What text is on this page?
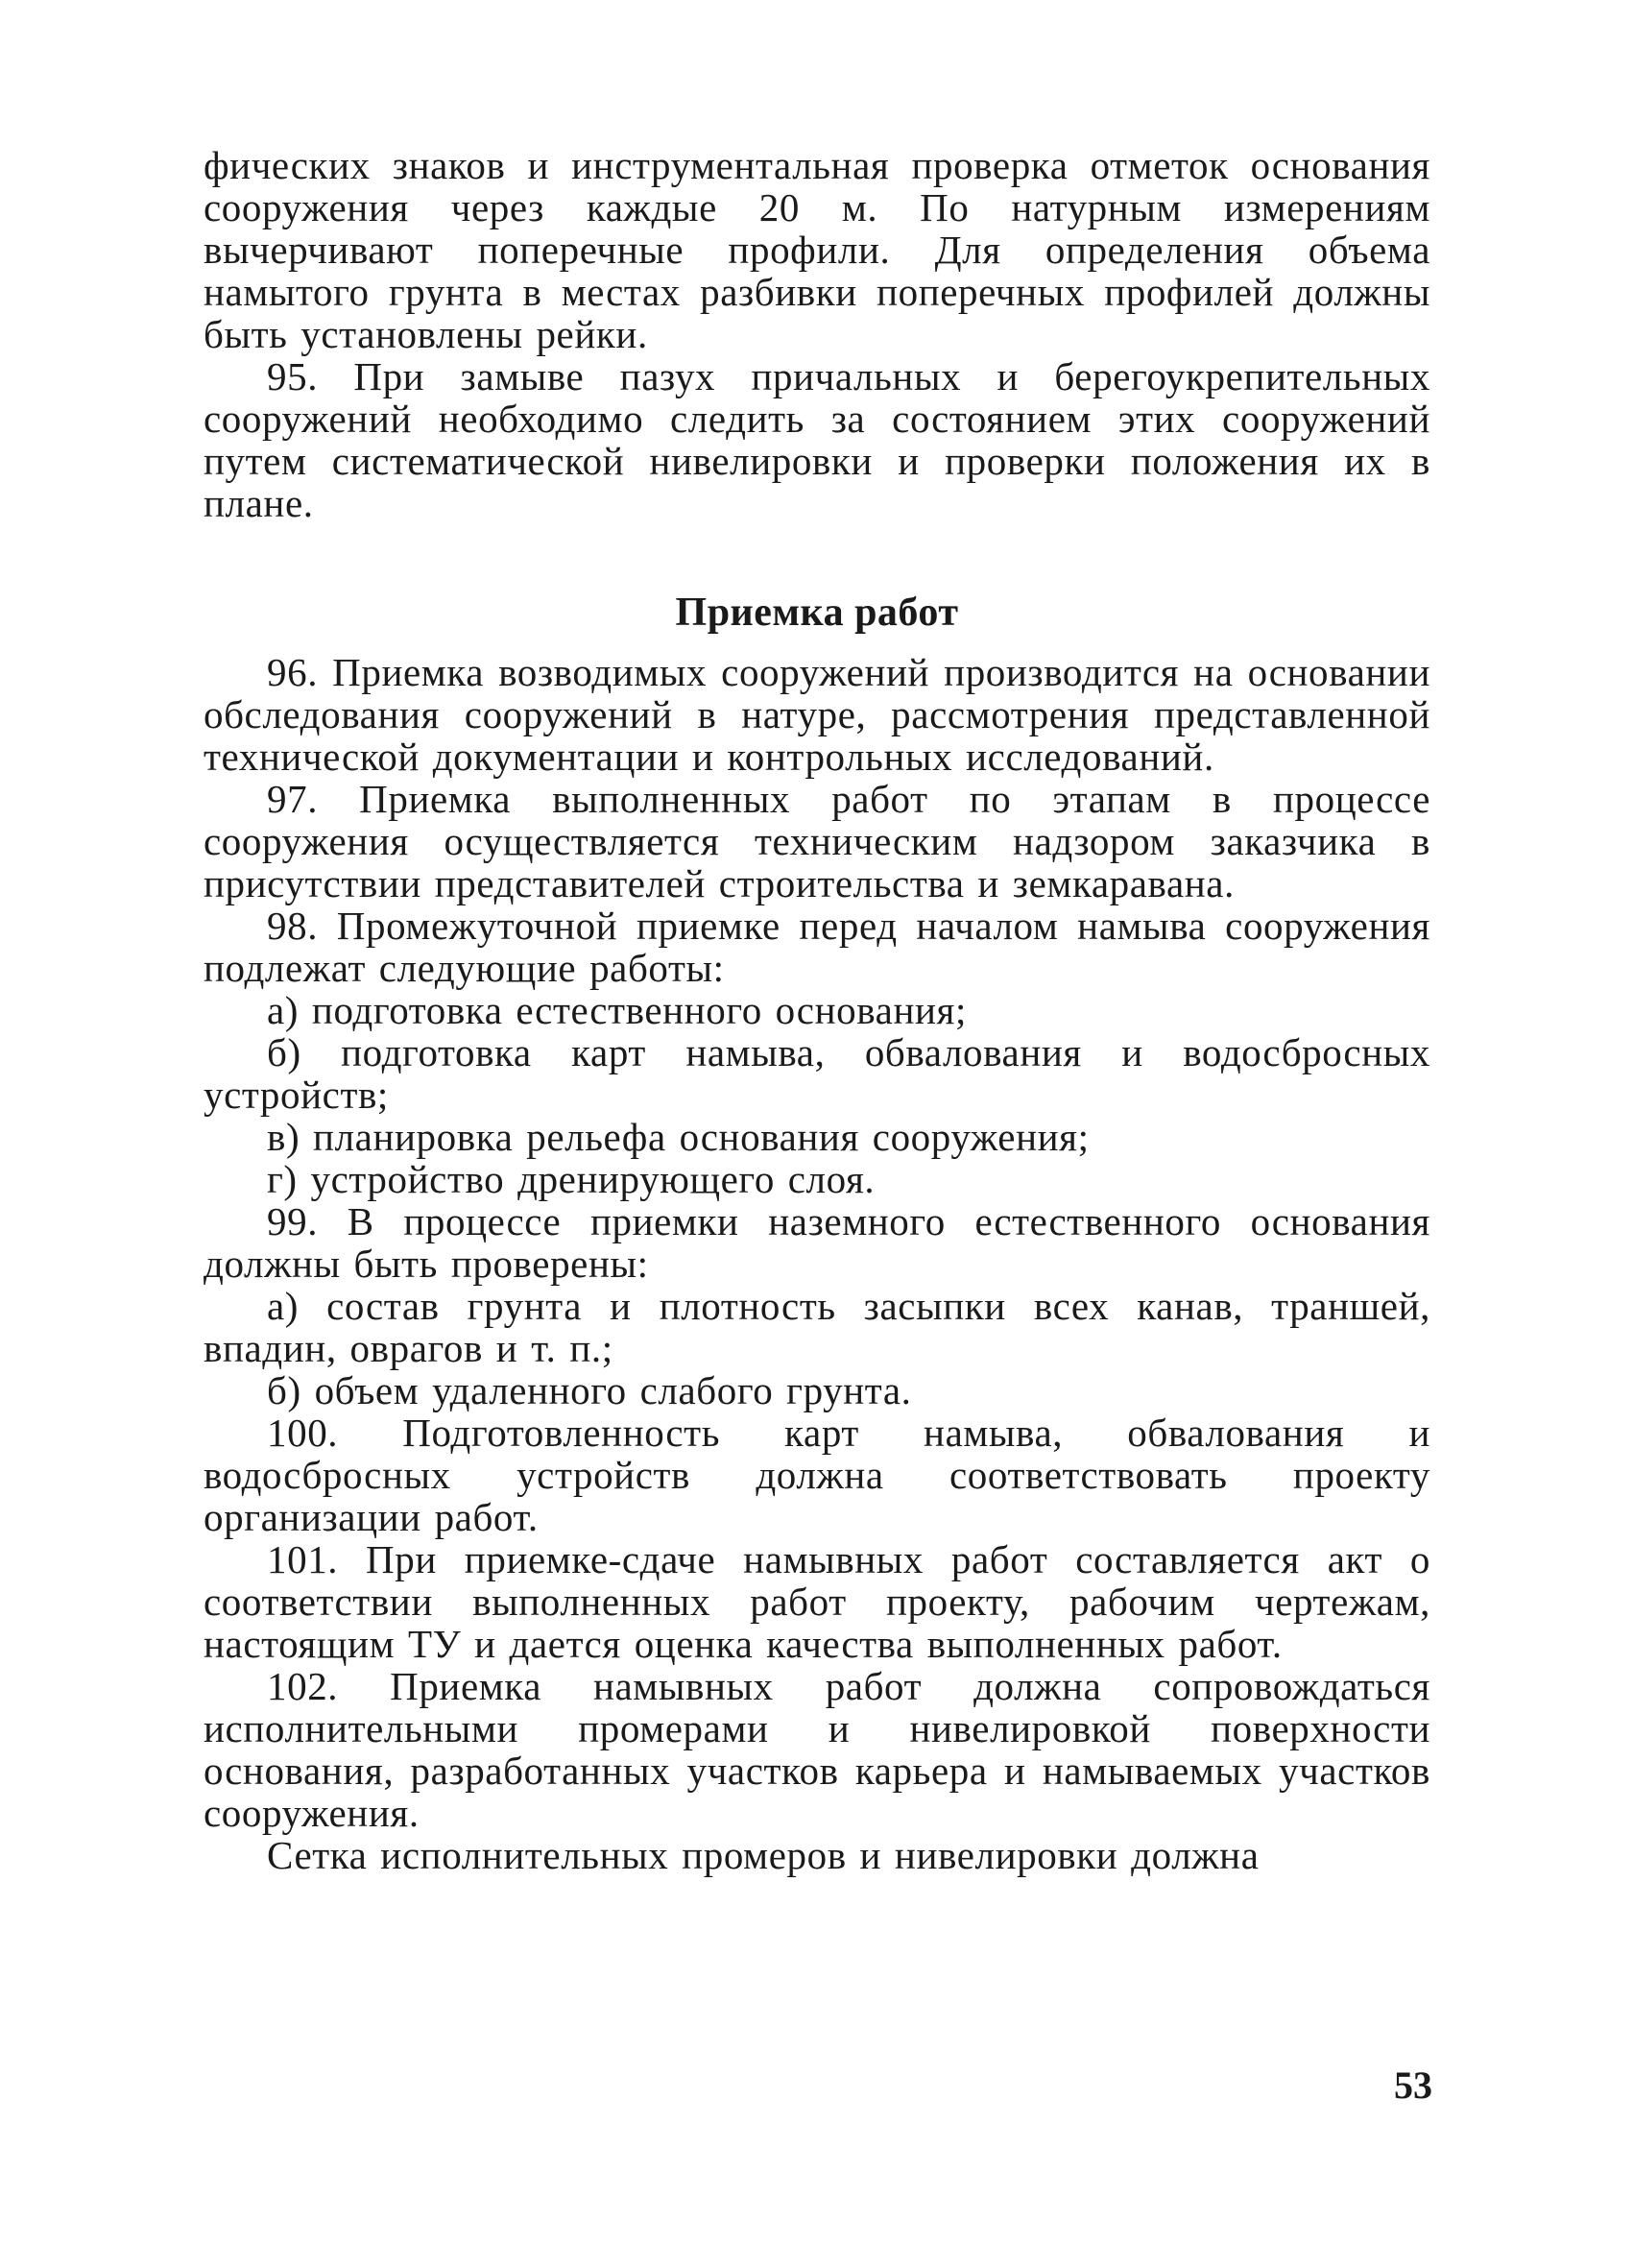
фических знаков и инструментальная проверка отметок основания сооружения через каждые 20 м. По натурным измерениям вычерчивают поперечные профили. Для определения объема намытого грунта в местах разбивки поперечных профилей должны быть установлены рейки.

95. При замыве пазух причальных и берегоукрепительных сооружений необходимо следить за состоянием этих сооружений путем систематической нивелировки и проверки положения их в плане.

Приемка работ

96. Приемка возводимых сооружений производится на основании обследования сооружений в натуре, рассмотрения представленной технической документации и контрольных исследований.

97. Приемка выполненных работ по этапам в процессе сооружения осуществляется техническим надзором заказчика в присутствии представителей строительства и земкаравана.

98. Промежуточной приемке перед началом намыва сооружения подлежат следующие работы:

а) подготовка естественного основания;

б) подготовка карт намыва, обвалования и водосбросных устройств;

в) планировка рельефа основания сооружения;

г) устройство дренирующего слоя.

99. В процессе приемки наземного естественного основания должны быть проверены:

а) состав грунта и плотность засыпки всех канав, траншей, впадин, оврагов и т. п.;

б) объем удаленного слабого грунта.

100. Подготовленность карт намыва, обвалования и водосбросных устройств должна соответствовать проекту организации работ.

101. При приемке-сдаче намывных работ составляется акт о соответствии выполненных работ проекту, рабочим чертежам, настоящим ТУ и дается оценка качества выполненных работ.

102. Приемка намывных работ должна сопровождаться исполнительными промерами и нивелировкой поверхности основания, разработанных участков карьера и намываемых участков сооружения.

Сетка исполнительных промеров и нивелировки должна

53
